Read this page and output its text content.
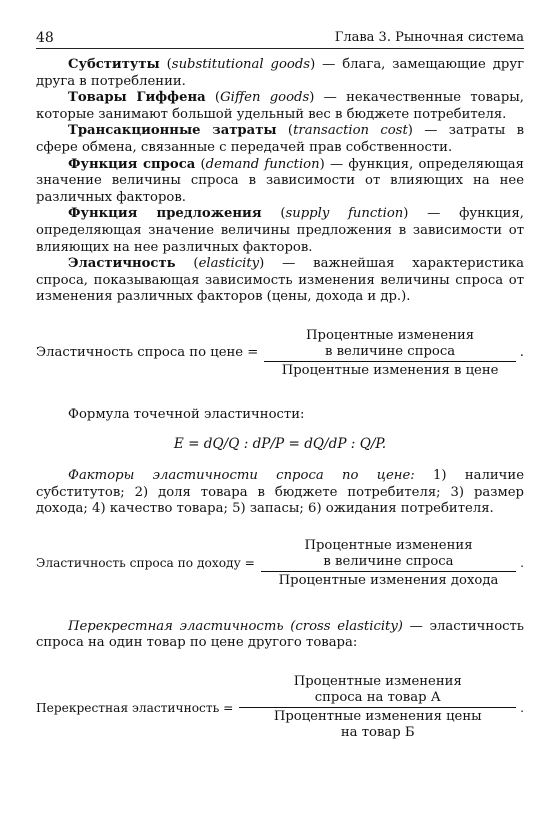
48	Глава 3. Рыночная система

Субституты (substitutional goods) — блага, замещающие друг друга в потреблении.

Товары Гиффена (Giffen goods) — некачественные товары, которые занимают большой удельный вес в бюджете потребителя.

Трансакционные затраты (transaction cost) — затраты в сфере обмена, связанные с передачей прав собственности.

Функция спроса (demand function) — функция, определяющая значение величины спроса в зависимости от влияющих на нее различных факторов.

Функция предложения (supply function) — функция, определяющая значение величины предложения в зависимости от влияющих на нее различных факторов.

Эластичность (elasticity) — важнейшая характеристика спроса, показывающая зависимость изменения величины спроса от изменения различных факторов (цены, дохода и др.).

Эластичность спроса по цене =
Процентные изменения
в величине спроса
Процентные изменения в цене
.

Формула точечной эластичности:

E = dQ/Q : dP/P = dQ/dP : Q/P.

Факторы эластичности спроса по цене: 1) наличие субститутов; 2) доля товара в бюджете потребителя; 3) размер дохода; 4) качество товара; 5) запасы; 6) ожидания потребителя.

Эластичность спроса по доходу =
Процентные изменения
в величине спроса
Процентные изменения дохода
.

Перекрестная эластичность (cross elasticity) — эластичность спроса на один товар по цене другого товара:

Перекрестная эластичность =
Процентные изменения
спроса на товар А
Процентные изменения цены
на товар Б
.
